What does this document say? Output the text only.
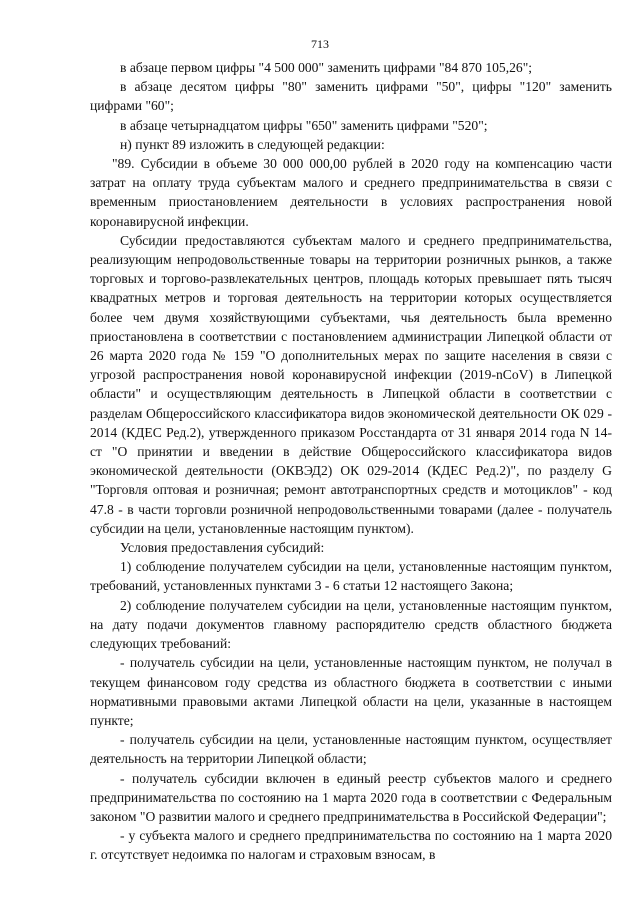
713

в абзаце первом цифры "4 500 000" заменить цифрами "84 870 105,26";

в абзаце десятом цифры "80" заменить цифрами "50", цифры "120" заменить цифрами "60";

в абзаце четырнадцатом цифры "650" заменить цифрами "520";

н) пункт 89 изложить в следующей редакции:

"89. Субсидии в объеме 30 000 000,00 рублей в 2020 году на компенсацию части затрат на оплату труда субъектам малого и среднего предпринимательства в связи с временным приостановлением деятельности в условиях распространения новой коронавирусной инфекции.

Субсидии предоставляются субъектам малого и среднего предпринимательства, реализующим непродовольственные товары на территории розничных рынков, а также торговых и торгово-развлекательных центров, площадь которых превышает пять тысяч квадратных метров и торговая деятельность на территории которых осуществляется более чем двумя хозяйствующими субъектами, чья деятельность была временно приостановлена в соответствии с постановлением администрации Липецкой области от 26 марта 2020 года № 159 "О дополнительных мерах по защите населения в связи с угрозой распространения новой коронавирусной инфекции (2019-nCoV) в Липецкой области" и осуществляющим деятельность в Липецкой области в соответствии с разделам Общероссийского классификатора видов экономической деятельности ОК 029 - 2014 (КДЕС Ред.2), утвержденного приказом Росстандарта от 31 января 2014 года N 14-ст "О принятии и введении в действие Общероссийского классификатора видов экономической деятельности (ОКВЭД2) ОК 029-2014 (КДЕС Ред.2)", по разделу G "Торговля оптовая и розничная; ремонт автотранспортных средств и мотоциклов" - код 47.8 - в части торговли розничной непродовольственными товарами (далее - получатель субсидии на цели, установленные настоящим пунктом).

Условия предоставления субсидий:

1) соблюдение получателем субсидии на цели, установленные настоящим пунктом, требований, установленных пунктами 3 - 6 статьи 12 настоящего Закона;

2) соблюдение получателем субсидии на цели, установленные настоящим пунктом, на дату подачи документов главному распорядителю средств областного бюджета следующих требований:

- получатель субсидии на цели, установленные настоящим пунктом, не получал в текущем финансовом году средства из областного бюджета в соответствии с иными нормативными правовыми актами Липецкой области на цели, указанные в настоящем пункте;

- получатель субсидии на цели, установленные настоящим пунктом, осуществляет деятельность на территории Липецкой области;

- получатель субсидии включен в единый реестр субъектов малого и среднего предпринимательства по состоянию на 1 марта 2020 года в соответствии с Федеральным законом "О развитии малого и среднего предпринимательства в Российской Федерации";

- у субъекта малого и среднего предпринимательства по состоянию на 1 марта 2020 г. отсутствует недоимка по налогам и страховым взносам, в
